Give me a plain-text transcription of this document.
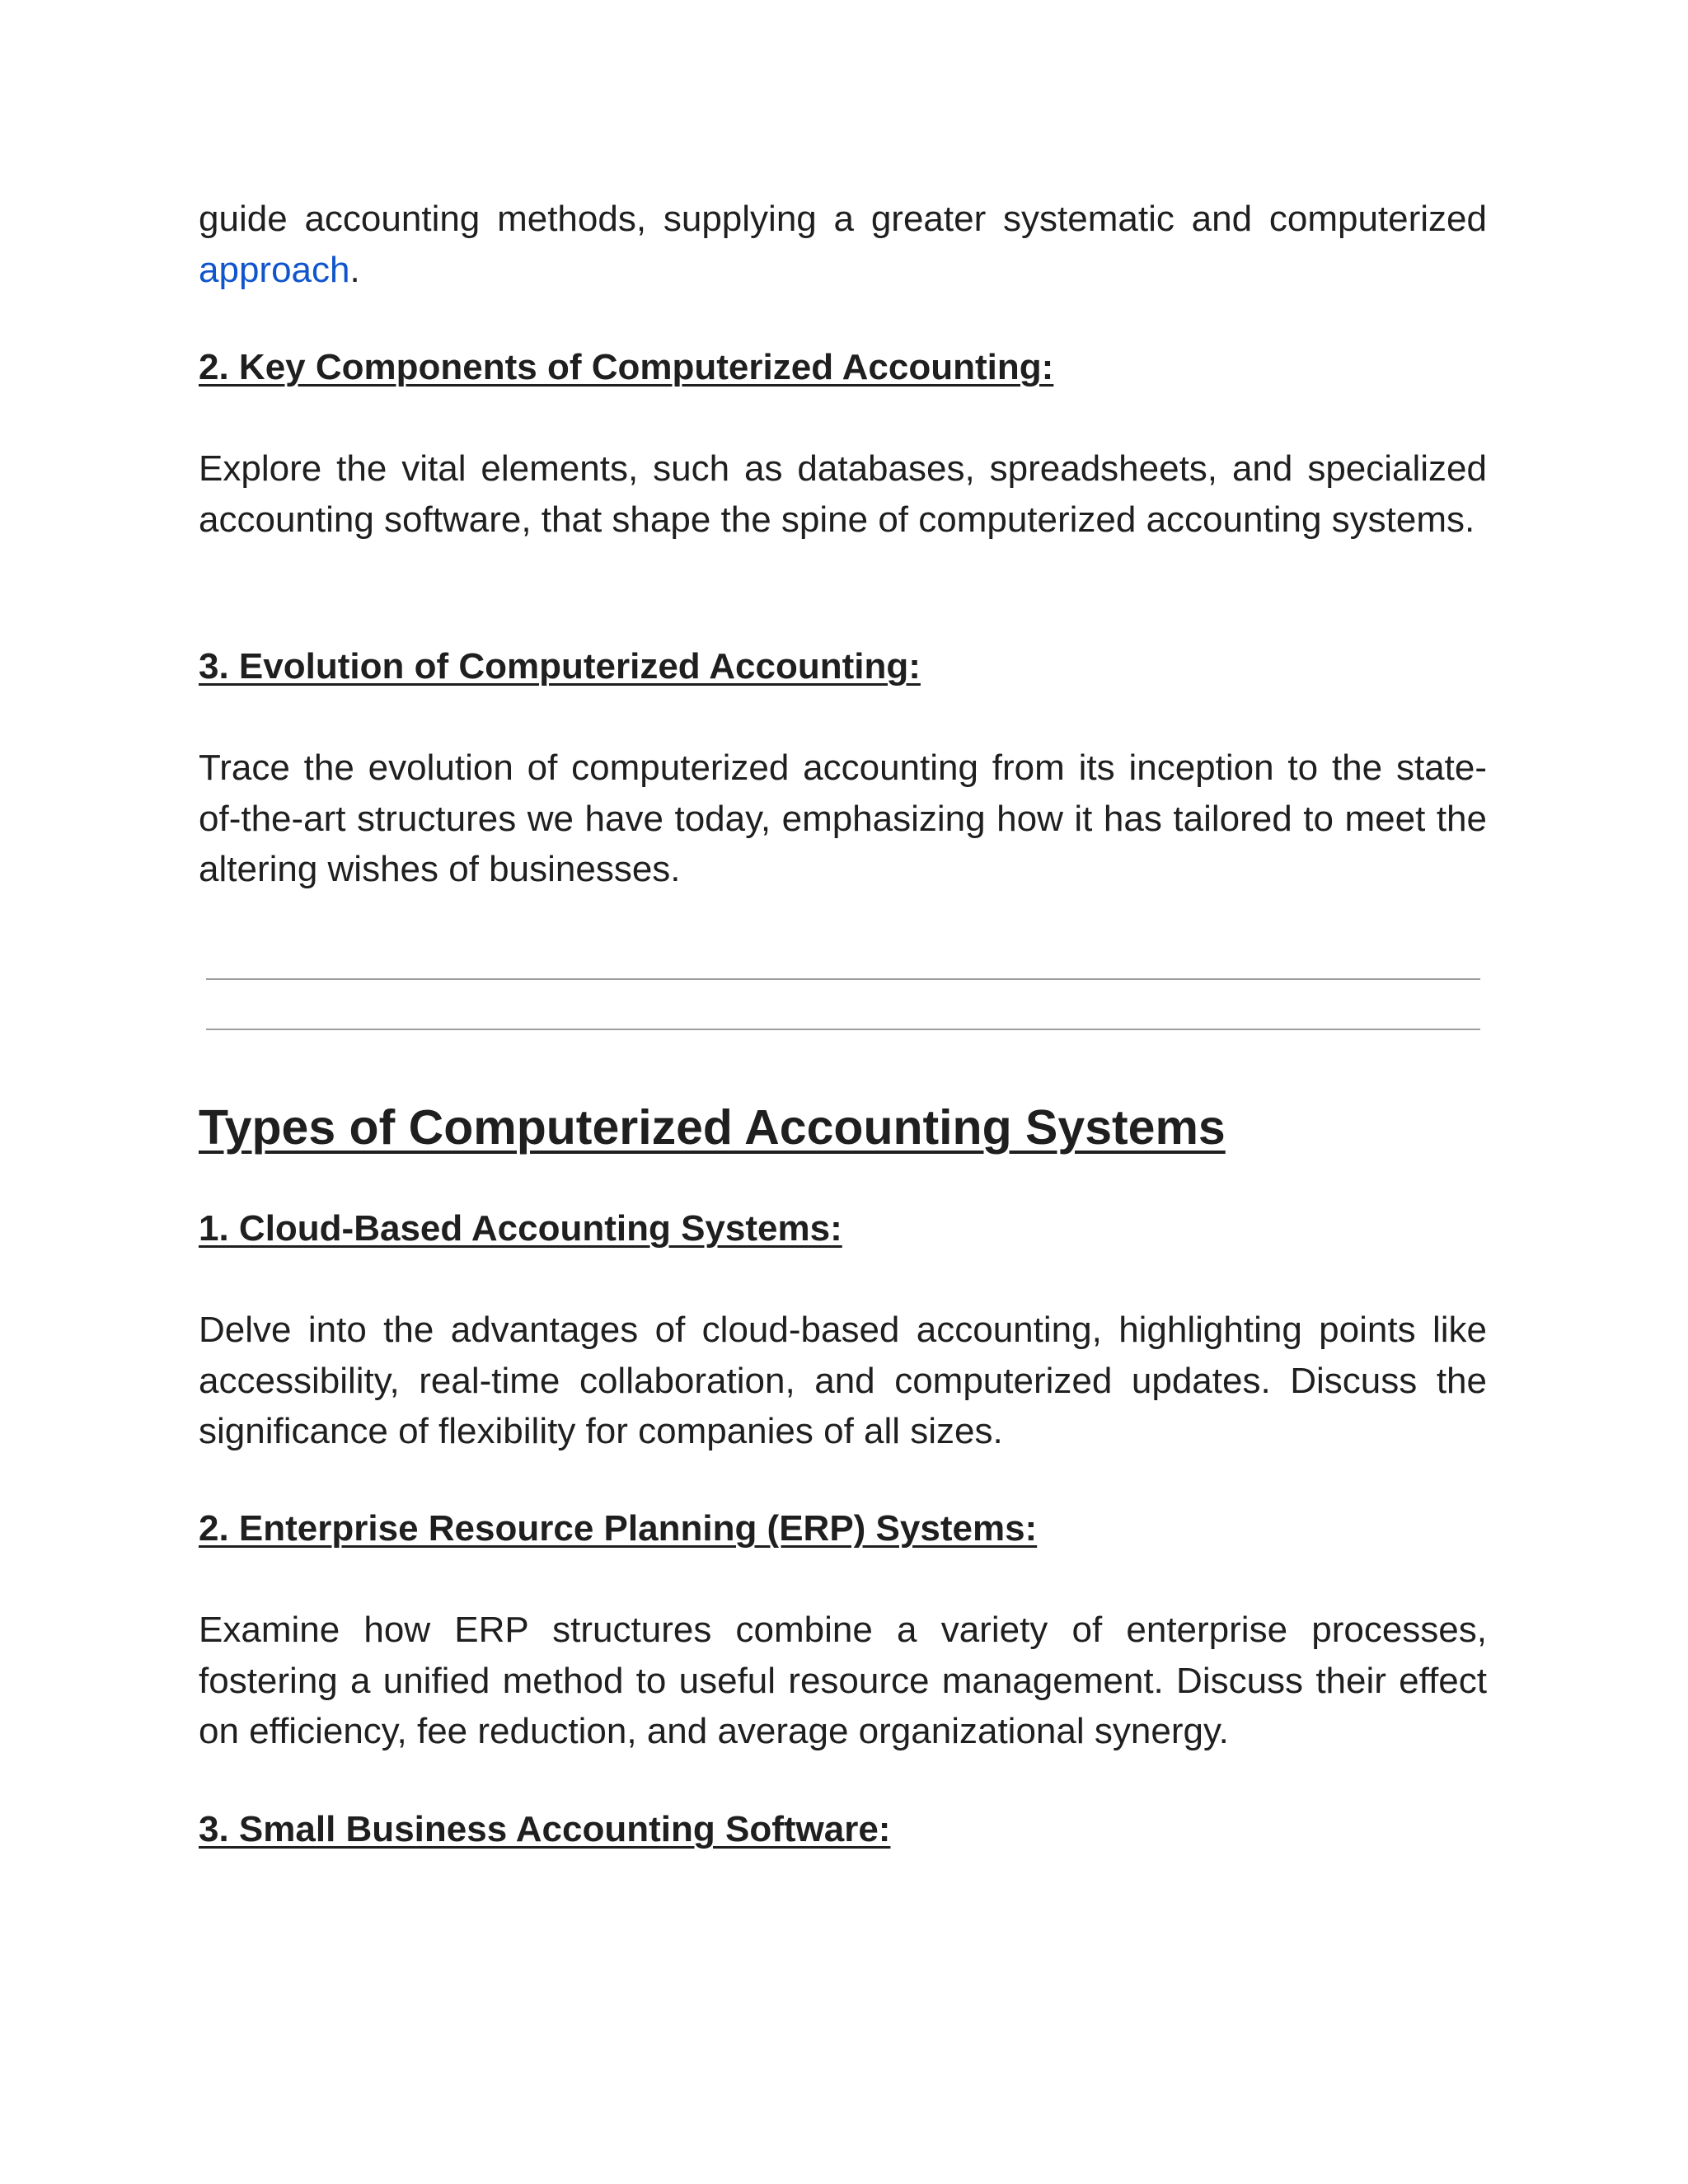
guide accounting methods, supplying a greater systematic and computerized approach.

2. Key Components of Computerized Accounting:

Explore the vital elements, such as databases, spreadsheets, and specialized accounting software, that shape the spine of computerized accounting systems.

3. Evolution of Computerized Accounting:

Trace the evolution of computerized accounting from its inception to the state-of-the-art structures we have today, emphasizing how it has tailored to meet the altering wishes of businesses.

Types of Computerized Accounting Systems
1. Cloud-Based Accounting Systems:

Delve into the advantages of cloud-based accounting, highlighting points like accessibility, real-time collaboration, and computerized updates. Discuss the significance of flexibility for companies of all sizes.

2. Enterprise Resource Planning (ERP) Systems:

Examine how ERP structures combine a variety of enterprise processes, fostering a unified method to useful resource management. Discuss their effect on efficiency, fee reduction, and average organizational synergy.

3. Small Business Accounting Software:
